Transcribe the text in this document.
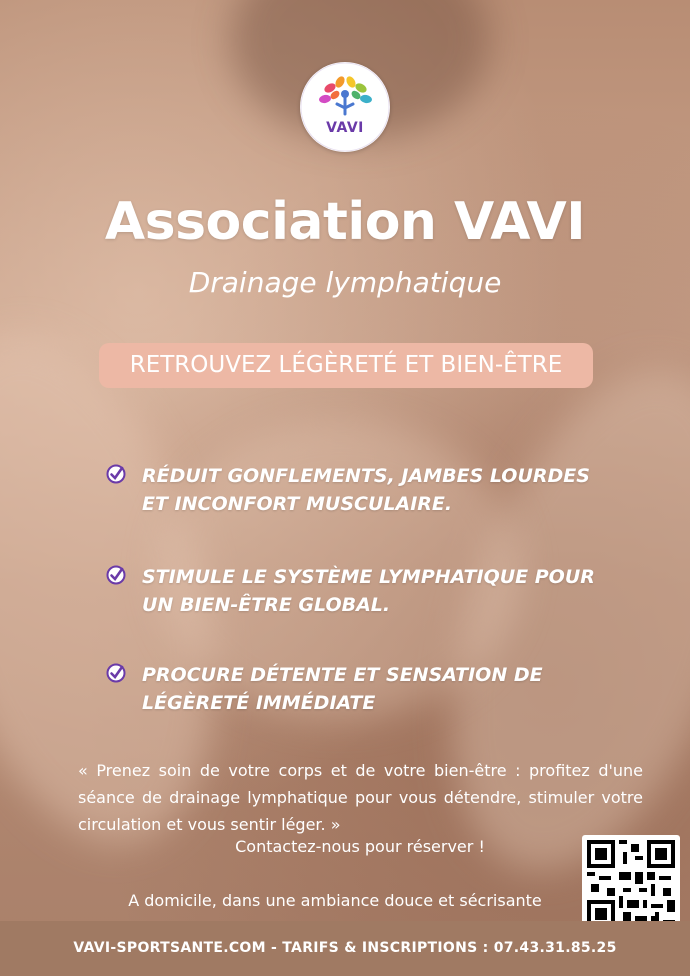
VAVI
Association VAVI
Drainage lymphatique
RETROUVEZ LÉGÈRETÉ ET BIEN-ÊTRE
RÉDUIT GONFLEMENTS, JAMBES LOURDES ET INCONFORT MUSCULAIRE.
STIMULE LE SYSTÈME LYMPHATIQUE POUR UN BIEN-ÊTRE GLOBAL.
PROCURE DÉTENTE ET SENSATION DE LÉGÈRETÉ IMMÉDIATE
« Prenez soin de votre corps et de votre bien-être : profitez d'une séance de drainage lymphatique pour vous détendre, stimuler votre circulation et vous sentir léger. »
Contactez-nous pour réserver !
A domicile, dans une ambiance douce et sécrisante
VAVI-SPORTSANTE.COM - TARIFS & INSCRIPTIONS : 07.43.31.85.25
